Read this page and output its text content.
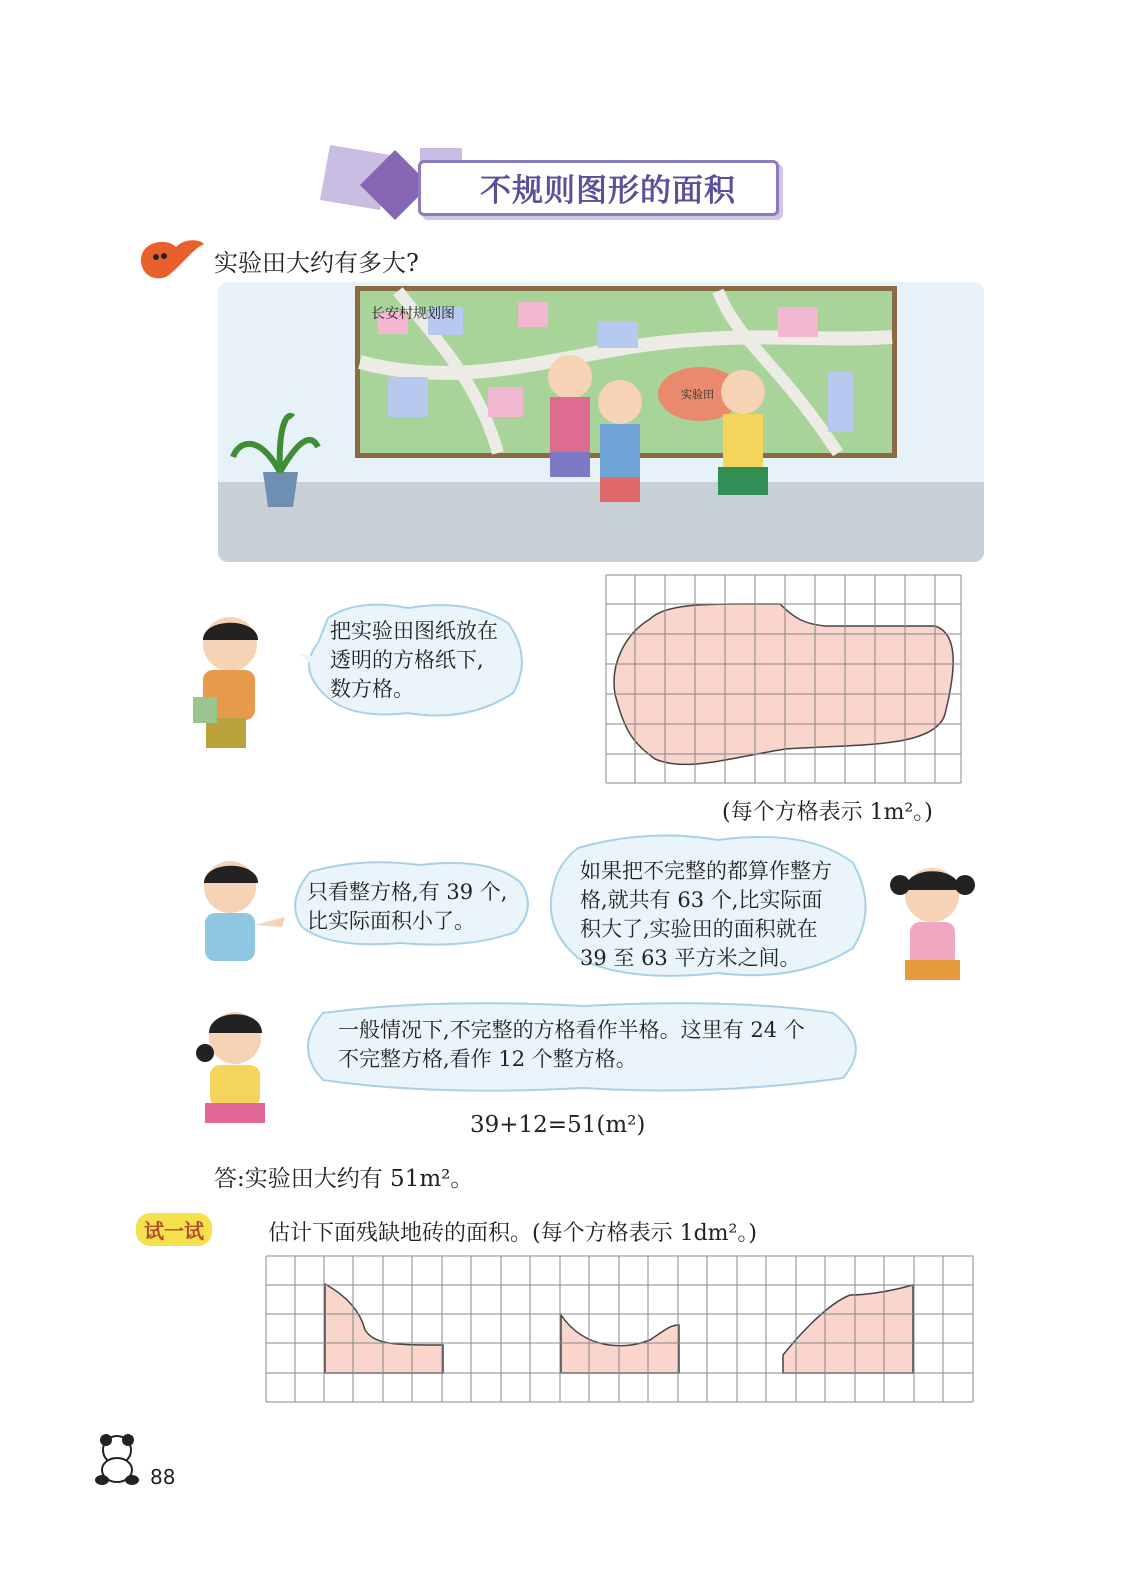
不规则图形的面积
实验田大约有多大?
长安村规划图
实验田
把实验田图纸放在
透明的方格纸下,
数方格。
(每个方格表示 1m²。)
只看整方格,有 39 个,
比实际面积小了。
如果把不完整的都算作整方
格,就共有 63 个,比实际面
积大了,实验田的面积就在
39 至 63 平方米之间。
一般情况下,不完整的方格看作半格。这里有 24 个
不完整方格,看作 12 个整方格。
39+12=51(m²)
答:实验田大约有 51m²。
试一试	估计下面残缺地砖的面积。(每个方格表示 1dm²。)
88
